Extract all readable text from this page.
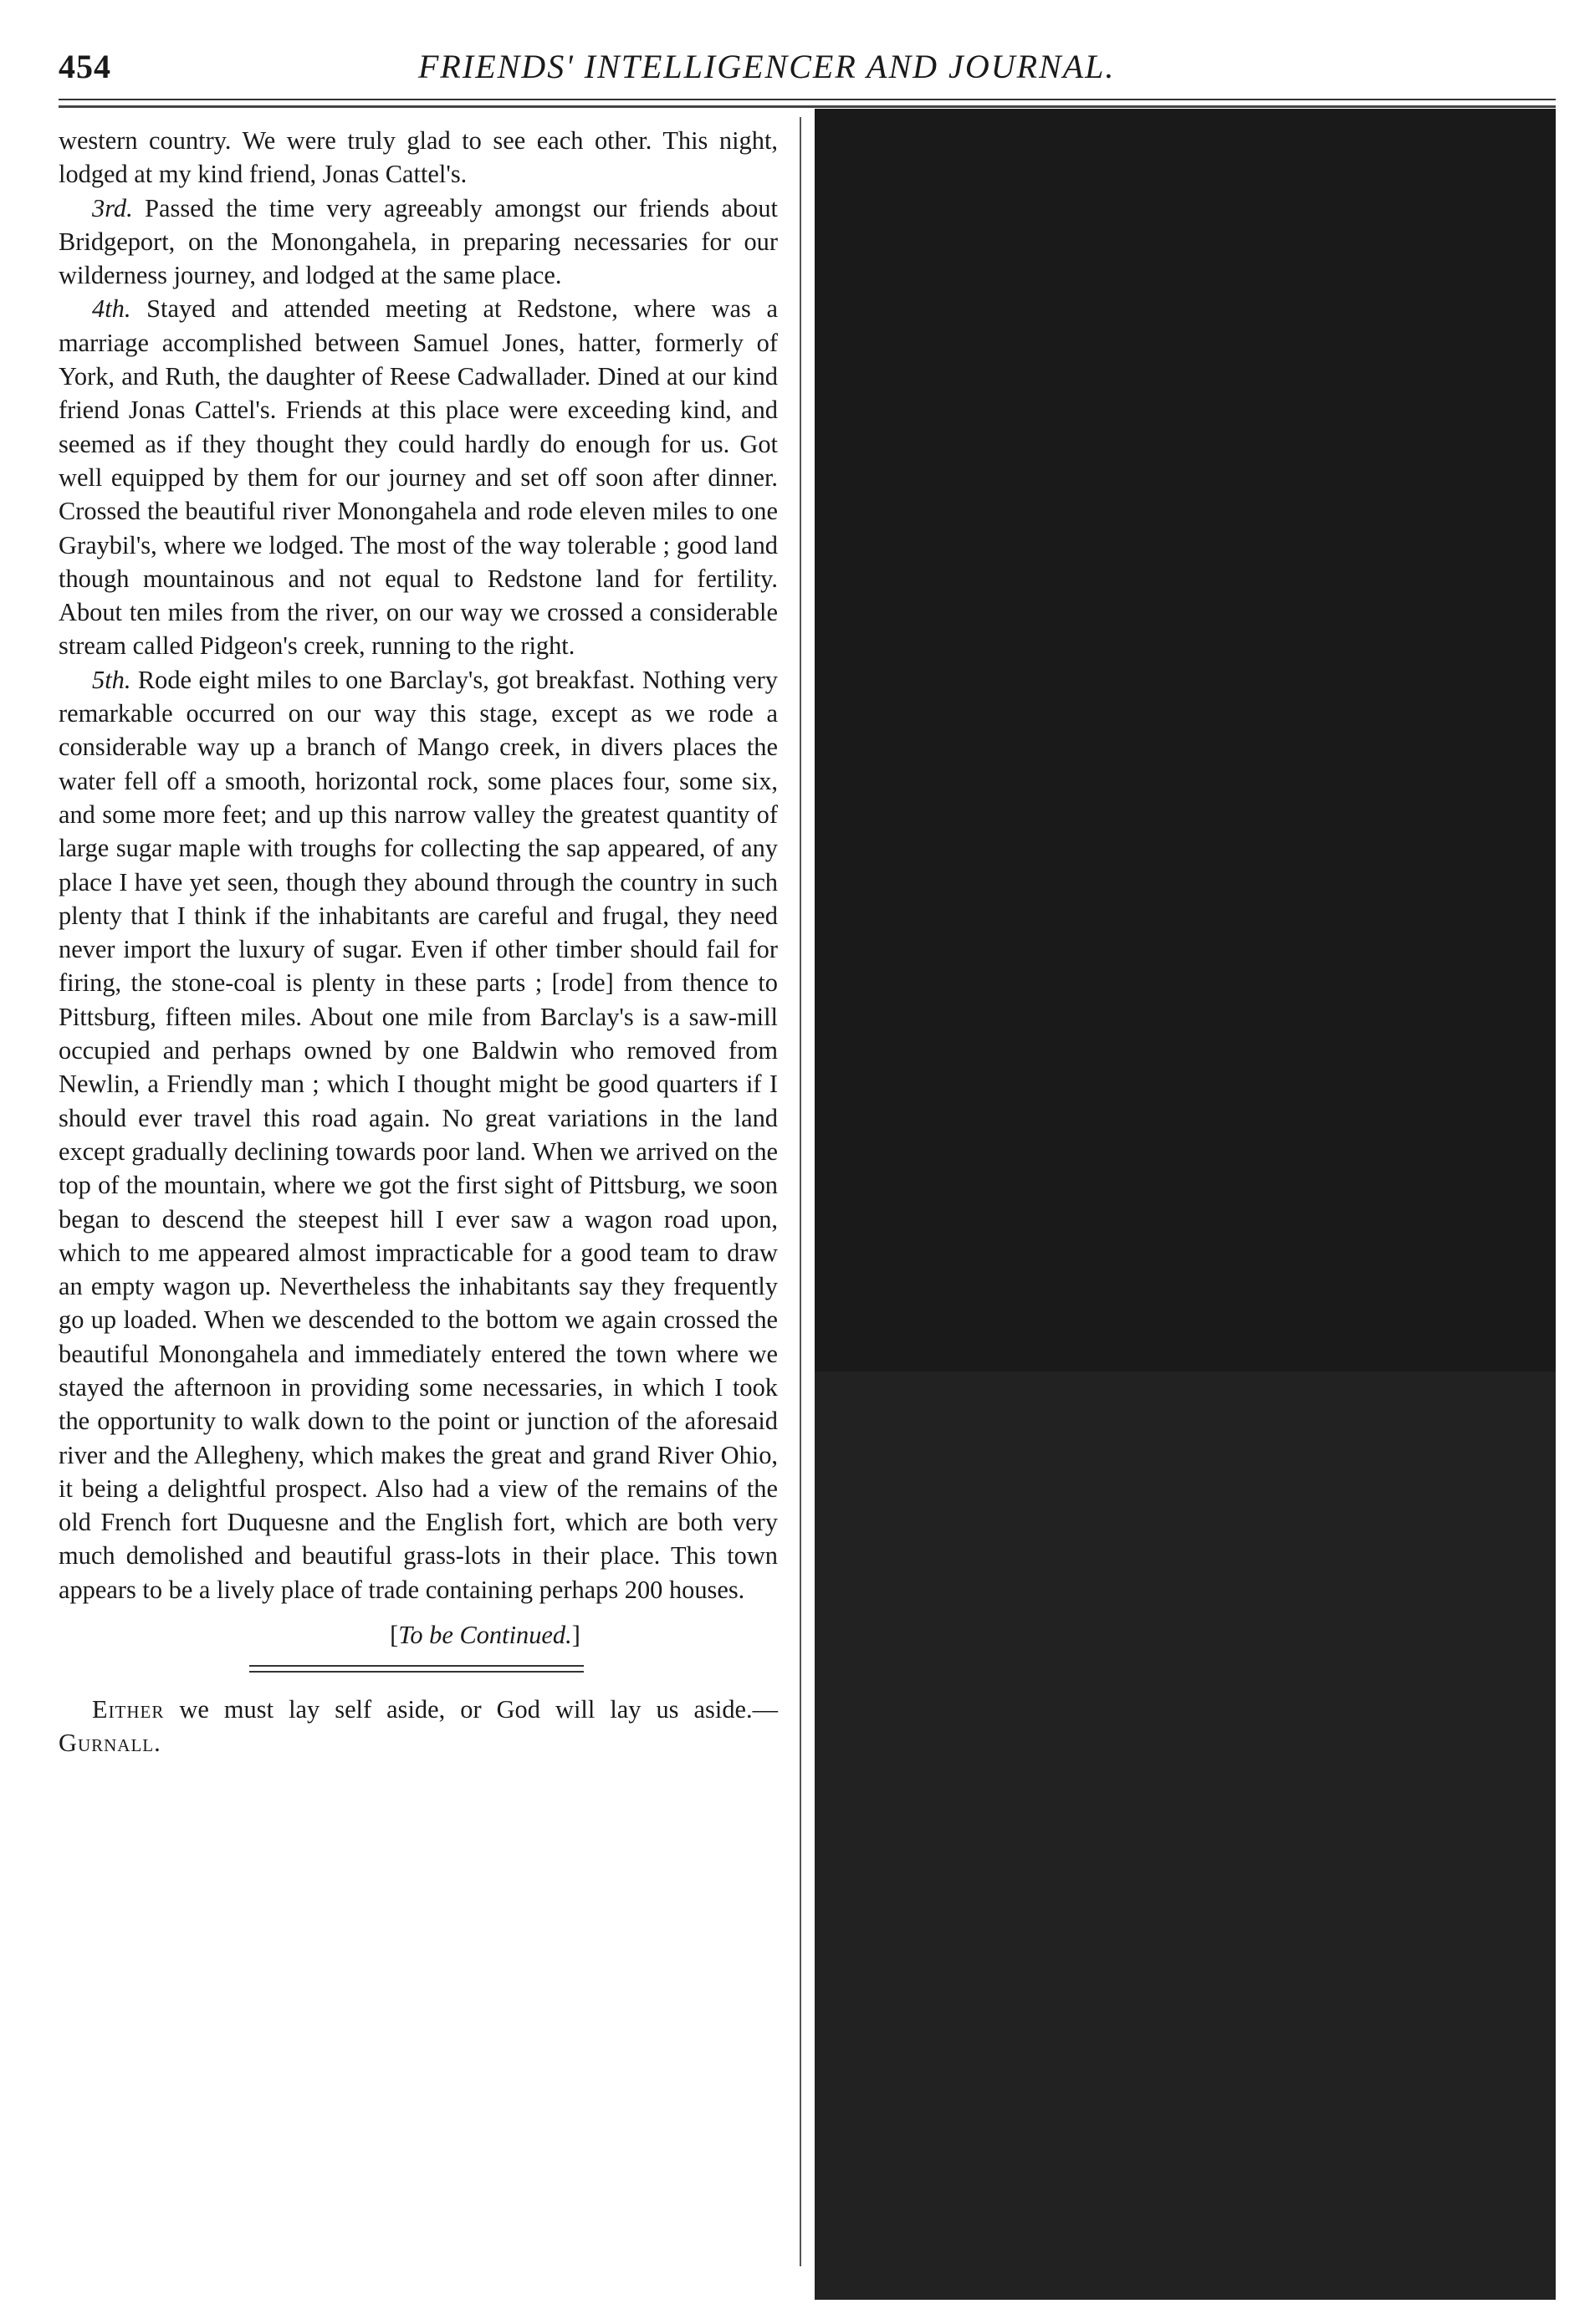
454	FRIENDS' INTELLIGENCER AND JOURNAL.

western country. We were truly glad to see each other. This night, lodged at my kind friend, Jonas Cattel's.

3rd. Passed the time very agreeably amongst our friends about Bridgeport, on the Monongahela, in preparing necessaries for our wilderness journey, and lodged at the same place.

4th. Stayed and attended meeting at Redstone, where was a marriage accomplished between Samuel Jones, hatter, formerly of York, and Ruth, the daughter of Reese Cadwallader. Dined at our kind friend Jonas Cattel's. Friends at this place were exceeding kind, and seemed as if they thought they could hardly do enough for us. Got well equipped by them for our journey and set off soon after dinner. Crossed the beautiful river Monongahela and rode eleven miles to one Graybil's, where we lodged. The most of the way tolerable ; good land though mountainous and not equal to Redstone land for fertility. About ten miles from the river, on our way we crossed a considerable stream called Pidgeon's creek, running to the right.

5th. Rode eight miles to one Barclay's, got breakfast. Nothing very remarkable occurred on our way this stage, except as we rode a considerable way up a branch of Mango creek, in divers places the water fell off a smooth, horizontal rock, some places four, some six, and some more feet; and up this narrow valley the greatest quantity of large sugar maple with troughs for collecting the sap appeared, of any place I have yet seen, though they abound through the country in such plenty that I think if the inhabitants are careful and frugal, they need never import the luxury of sugar. Even if other timber should fail for firing, the stone-coal is plenty in these parts ; [rode] from thence to Pittsburg, fifteen miles. About one mile from Barclay's is a saw-mill occupied and perhaps owned by one Baldwin who removed from Newlin, a Friendly man ; which I thought might be good quarters if I should ever travel this road again. No great variations in the land except gradually declining towards poor land. When we arrived on the top of the mountain, where we got the first sight of Pittsburg, we soon began to descend the steepest hill I ever saw a wagon road upon, which to me appeared almost impracticable for a good team to draw an empty wagon up. Nevertheless the inhabitants say they frequently go up loaded. When we descended to the bottom we again crossed the beautiful Monongahela and immediately entered the town where we stayed the afternoon in providing some necessaries, in which I took the opportunity to walk down to the point or junction of the aforesaid river and the Allegheny, which makes the great and grand River Ohio, it being a delightful prospect. Also had a view of the remains of the old French fort Duquesne and the English fort, which are both very much demolished and beautiful grass-lots in their place. This town appears to be a lively place of trade containing perhaps 200 houses.

[To be Continued.]

Either we must lay self aside, or God will lay us aside.—Gurnall.
